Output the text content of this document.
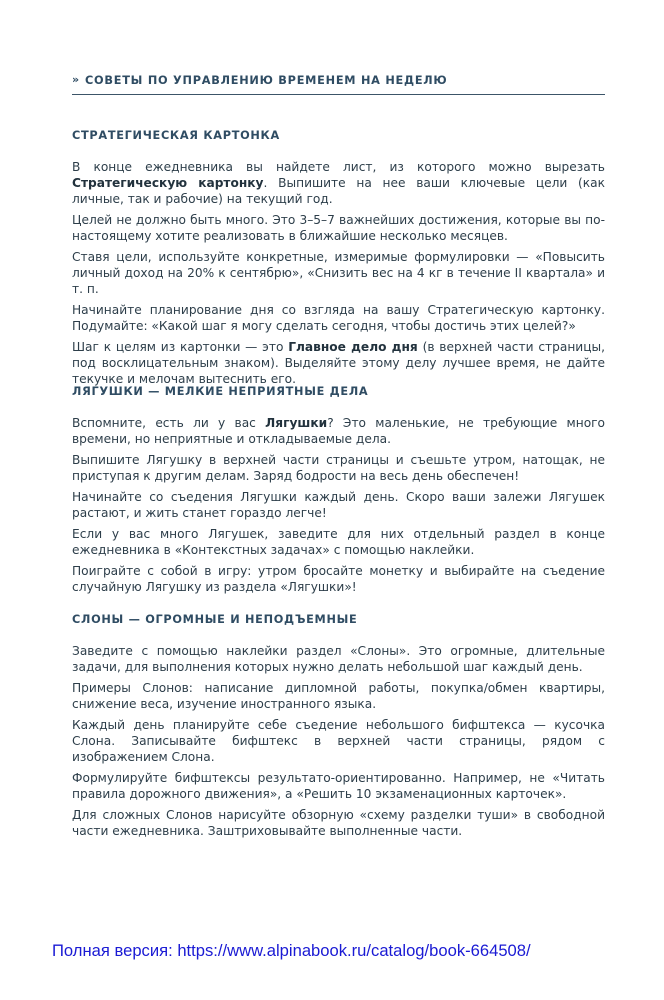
» СОВЕТЫ ПО УПРАВЛЕНИЮ ВРЕМЕНЕМ НА НЕДЕЛЮ
СТРАТЕГИЧЕСКАЯ КАРТОНКА

В конце ежедневника вы найдете лист, из которого можно вырезать Стратегическую картонку. Выпишите на нее ваши ключевые цели (как личные, так и рабочие) на текущий год.

Целей не должно быть много. Это 3–5–7 важнейших достижения, которые вы по-настоящему хотите реализовать в ближайшие несколько месяцев.

Ставя цели, используйте конкретные, измеримые формулировки — «Повысить личный доход на 20% к сентябрю», «Снизить вес на 4 кг в течение II квартала» и т. п.

Начинайте планирование дня со взгляда на вашу Стратегическую картонку. Подумайте: «Какой шаг я могу сделать сегодня, чтобы достичь этих целей?»

Шаг к целям из картонки — это Главное дело дня (в верхней части страницы, под восклицательным знаком). Выделяйте этому делу лучшее время, не дайте текучке и мелочам вытеснить его.

ЛЯГУШКИ — МЕЛКИЕ НЕПРИЯТНЫЕ ДЕЛА

Вспомните, есть ли у вас Лягушки? Это маленькие, не требующие много времени, но неприятные и откладываемые дела.

Выпишите Лягушку в верхней части страницы и съешьте утром, натощак, не приступая к другим делам. Заряд бодрости на весь день обеспечен!

Начинайте со съедения Лягушки каждый день. Скоро ваши залежи Лягушек растают, и жить станет гораздо легче!

Если у вас много Лягушек, заведите для них отдельный раздел в конце ежедневника в «Контекстных задачах» с помощью наклейки.

Поиграйте с собой в игру: утром бросайте монетку и выбирайте на съедение случайную Лягушку из раздела «Лягушки»!

СЛОНЫ — ОГРОМНЫЕ И НЕПОДЪЕМНЫЕ

Заведите с помощью наклейки раздел «Слоны». Это огромные, длительные задачи, для выполнения которых нужно делать небольшой шаг каждый день.

Примеры Слонов: написание дипломной работы, покупка/обмен квартиры, снижение веса, изучение иностранного языка.

Каждый день планируйте себе съедение небольшого бифштекса — кусочка Слона. Записывайте бифштекс в верхней части страницы, рядом с изображением Слона.

Формулируйте бифштексы результато-ориентированно. Например, не «Читать правила дорожного движения», а «Решить 10 экзаменационных карточек».

Для сложных Слонов нарисуйте обзорную «схему разделки туши» в свободной части ежедневника. Заштриховывайте выполненные части.

Полная версия: https://www.alpinabook.ru/catalog/book-664508/
